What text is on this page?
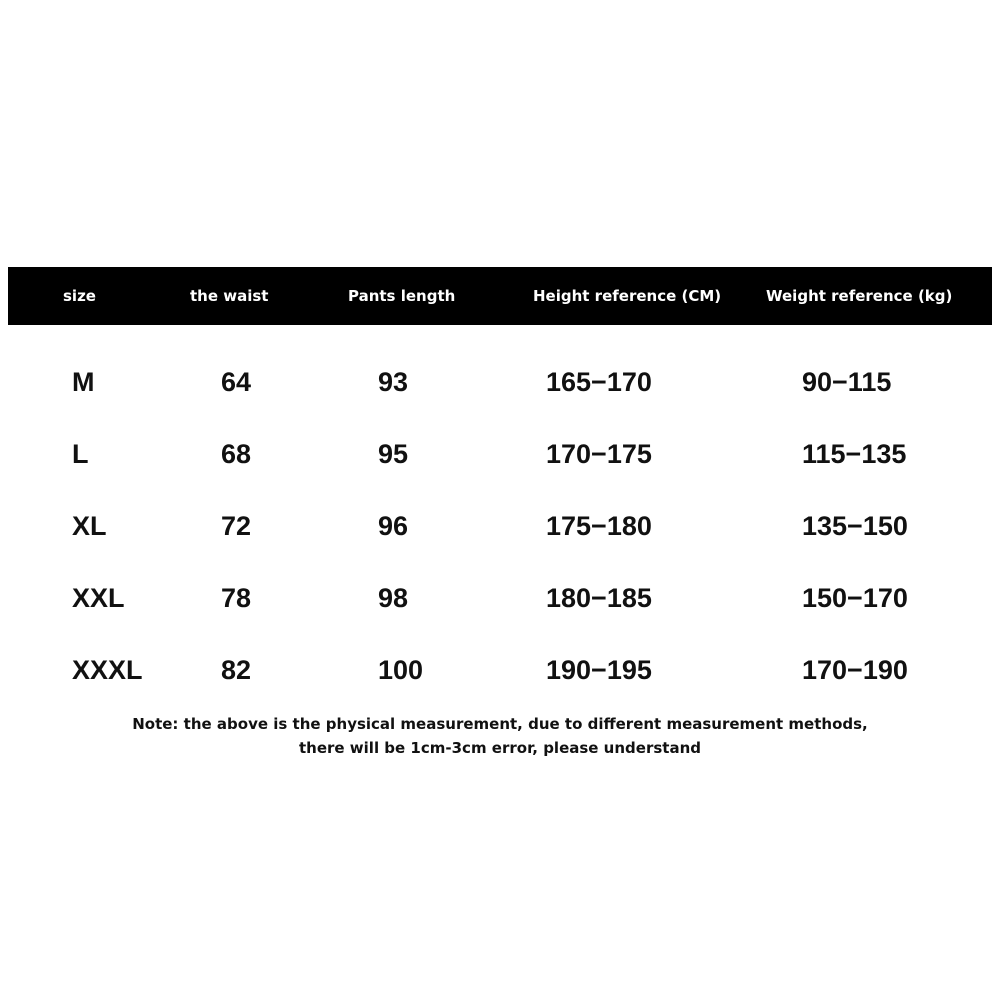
size	the waist	Pants length	Height reference (CM)	Weight reference (kg)
M	64	93	165−170	90−115
L	68	95	170−175	115−135
XL	72	96	175−180	135−150
XXL	78	98	180−185	150−170
XXXL	82	100	190−195	170−190
Note: the above is the physical measurement, due to different measurement methods,
there will be 1cm-3cm error, please understand
